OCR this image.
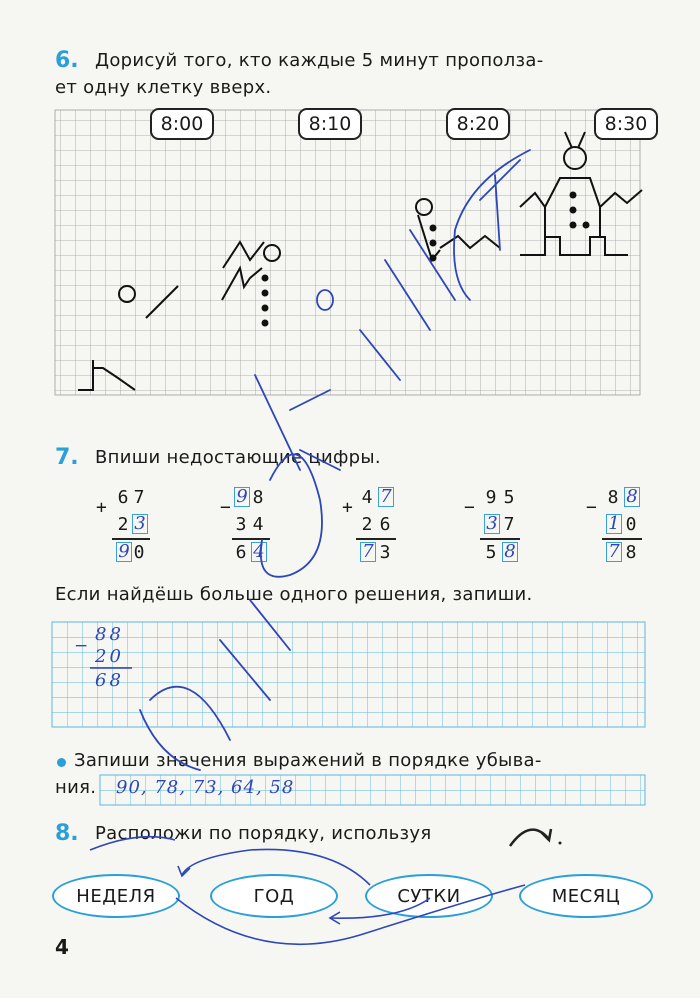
6. Дорисуй того, кто каждые 5 минут прополза-
ет одну клетку вверх.
8:00	8:10	8:20	8:30
7. Впиши недостающие цифры.
+ 6 7
2 3
9 0
−
9 8
3 4
6 4
+ 4 7
2 6
7 3
− 9 5
3 7
5 8
− 8 8
1 0
7 8
Если найдёшь больше одного решения, запиши.
−
88
20
68
Запиши значения выражений в порядке убыва-
ния. 90, 78, 73, 64, 58
8. Расположи по порядку, используя
НЕДЕЛЯ	ГОД	СУТКИ	МЕСЯЦ
4
